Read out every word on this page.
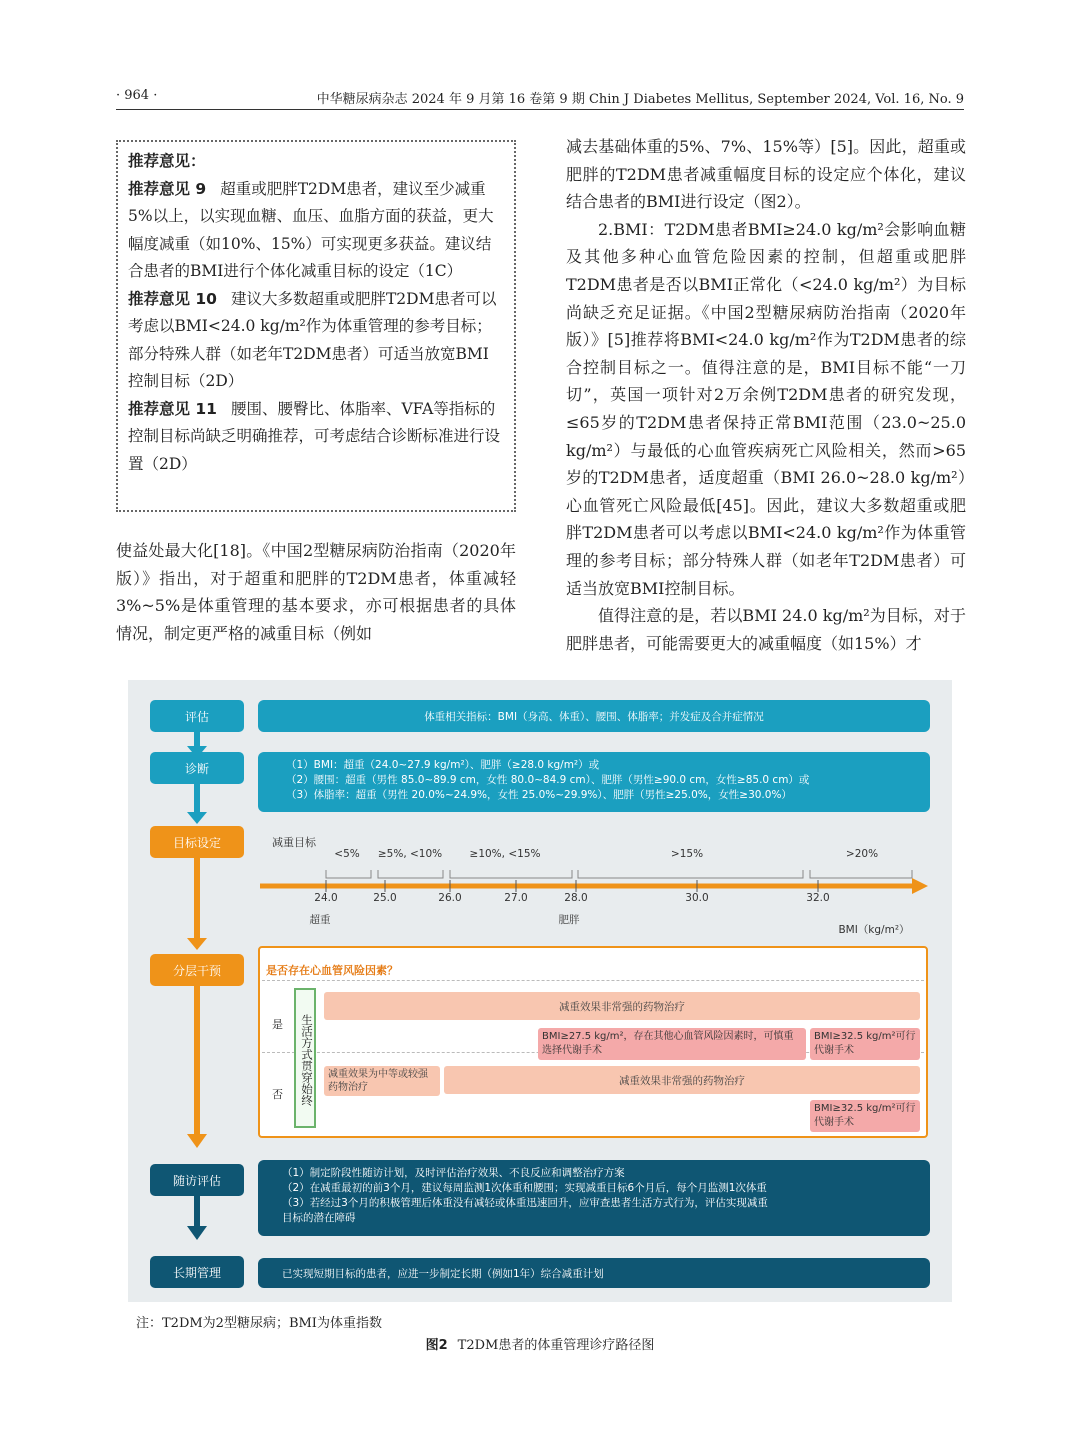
· 964 ·	中华糖尿病杂志 2024 年 9 月第 16 卷第 9 期 Chin J Diabetes Mellitus, September 2024, Vol. 16, No. 9
推荐意见：
推荐意见 9 超重或肥胖T2DM患者，建议至少减重5%以上，以实现血糖、血压、血脂方面的获益，更大幅度减重（如10%、15%）可实现更多获益。建议结合患者的BMI进行个体化减重目标的设定（1C）
推荐意见 10 建议大多数超重或肥胖T2DM患者可以考虑以BMI<24.0 kg/m²作为体重管理的参考目标；部分特殊人群（如老年T2DM患者）可适当放宽BMI控制目标（2D）
推荐意见 11 腰围、腰臀比、体脂率、VFA等指标的控制目标尚缺乏明确推荐，可考虑结合诊断标准进行设置（2D）

使益处最大化[18]。《中国2型糖尿病防治指南（2020年版）》指出，对于超重和肥胖的T2DM患者，体重减轻3%~5%是体重管理的基本要求，亦可根据患者的具体情况，制定更严格的减重目标（例如

减去基础体重的5%、7%、15%等）[5]。因此，超重或肥胖的T2DM患者减重幅度目标的设定应个体化，建议结合患者的BMI进行设定（图2）。

2.BMI：T2DM患者BMI≥24.0 kg/m²会影响血糖及其他多种心血管危险因素的控制，但超重或肥胖T2DM患者是否以BMI正常化（<24.0 kg/m²）为目标尚缺乏充足证据。《中国2型糖尿病防治指南（2020年版）》[5]推荐将BMI<24.0 kg/m²作为T2DM患者的综合控制目标之一。值得注意的是，BMI目标不能“一刀切”，英国一项针对2万余例T2DM患者的研究发现，≤65岁的T2DM患者保持正常BMI范围（23.0~25.0 kg/m²）与最低的心血管疾病死亡风险相关，然而>65岁的T2DM患者，适度超重（BMI 26.0~28.0 kg/m²）心血管死亡风险最低[45]。因此，建议大多数超重或肥胖T2DM患者可以考虑以BMI<24.0 kg/m²作为体重管理的参考目标；部分特殊人群（如老年T2DM患者）可适当放宽BMI控制目标。

值得注意的是，若以BMI 24.0 kg/m²为目标，对于肥胖患者，可能需要更大的减重幅度（如15%）才

评估	体重相关指标：BMI（身高、体重）、腰围、体脂率；并发症及合并症情况
诊断	（1）BMI：超重（24.0~27.9 kg/m²）、肥胖（≥28.0 kg/m²）或
（2）腰围：超重（男性 85.0~89.9 cm，女性 80.0~84.9 cm）、肥胖（男性≥90.0 cm，女性≥85.0 cm）或
（3）体脂率：超重（男性 20.0%~24.9%，女性 25.0%~29.9%）、肥胖（男性≥25.0%，女性≥30.0%）
目标设定	减重目标
<5% ≥5%, <10%	≥10%, <15%	>15%	>20%
24.0	25.0	26.0	27.0	28.0	30.0	32.0
超重	肥胖
BMI（kg/m²）
分层干预	是否存在心血管风险因素？
是
否	生活方式贯穿始终
减重效果非常强的药物治疗
BMI≥27.5 kg/m²，存在其他心血管风险因素时，可慎重选择代谢手术
BMI≥32.5 kg/m²可行代谢手术
减重效果为中等或较强药物治疗
减重效果非常强的药物治疗
BMI≥32.5 kg/m²可行代谢手术
随访评估
（1）制定阶段性随访计划，及时评估治疗效果、不良反应和调整治疗方案
（2）在减重最初的前3个月，建议每周监测1次体重和腰围；实现减重目标6个月后，每个月监测1次体重
（3）若经过3个月的积极管理后体重没有减轻或体重迅速回升，应审查患者生活方式行为，评估实现减重
目标的潜在障碍
长期管理	已实现短期目标的患者，应进一步制定长期（例如1年）综合减重计划
注：T2DM为2型糖尿病；BMI为体重指数
图2 T2DM患者的体重管理诊疗路径图
